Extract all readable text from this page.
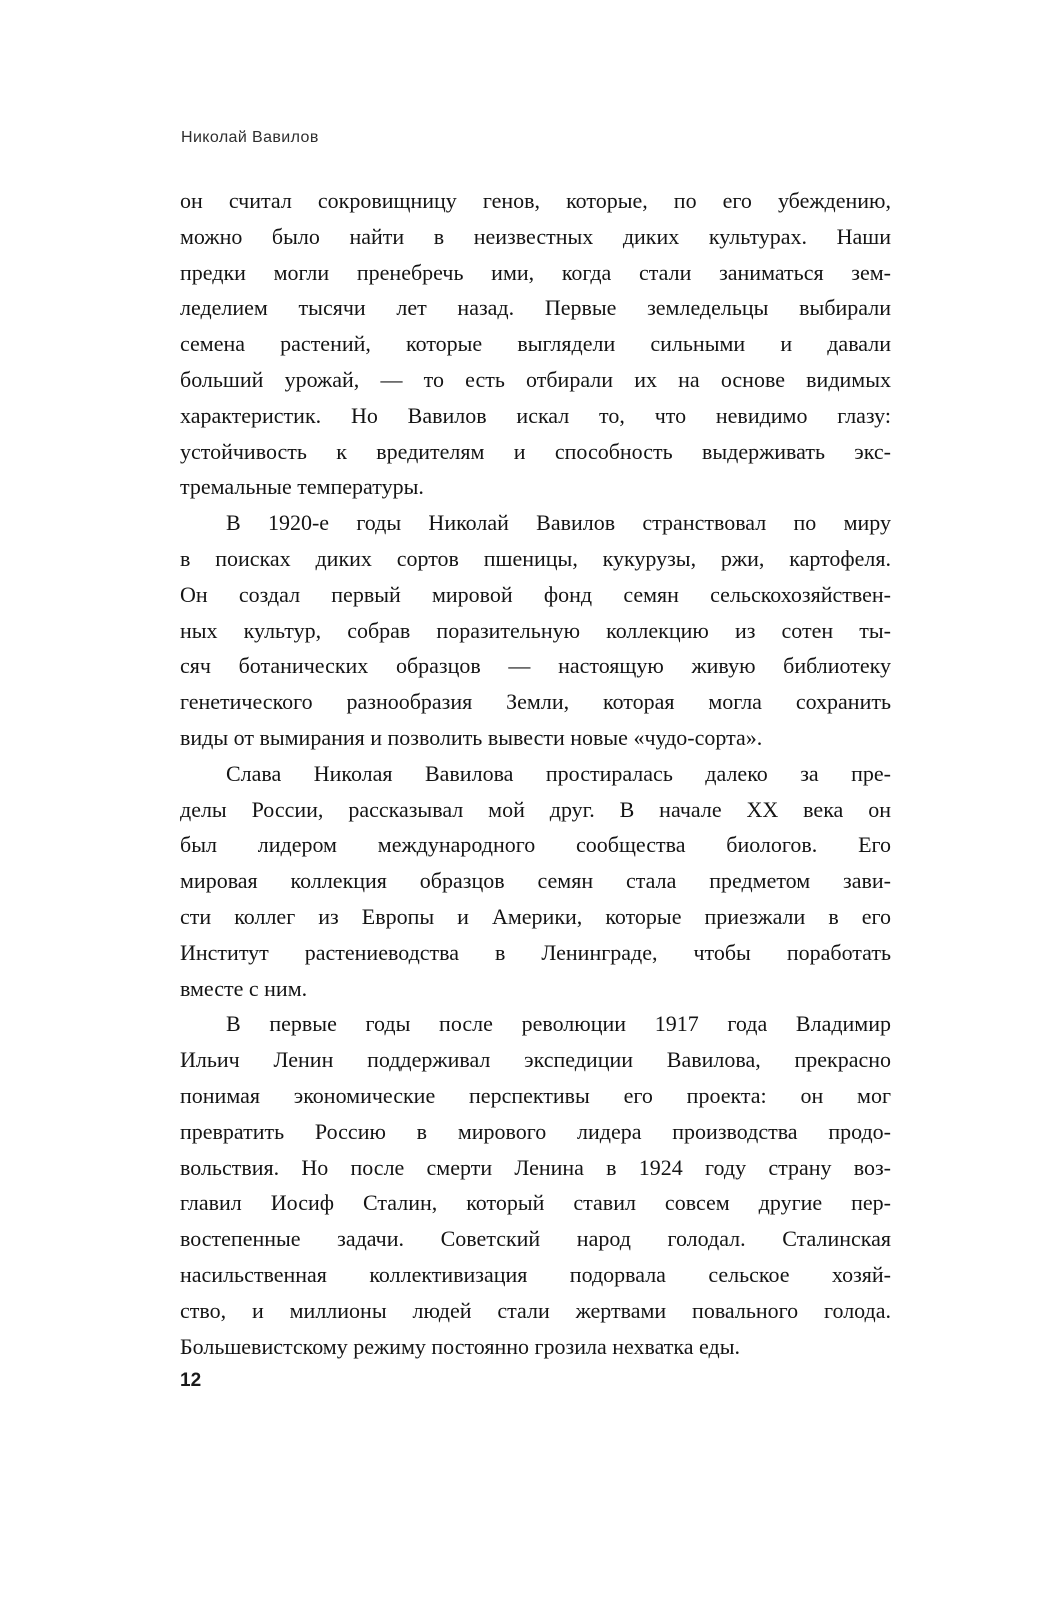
Николай Вавилов
он считал сокровищницу генов, которые, по его убеждению,
можно было найти в неизвестных диких культурах. Наши
предки могли пренебречь ими, когда стали заниматься зем-
леделием тысячи лет назад. Первые земледельцы выбирали
семена растений, которые выглядели сильными и давали
больший урожай, — то есть отбирали их на основе видимых
характеристик. Но Вавилов искал то, что невидимо глазу:
устойчивость к вредителям и способность выдерживать экс-
тремальные температуры.
В 1920-е годы Николай Вавилов странствовал по миру
в поисках диких сортов пшеницы, кукурузы, ржи, картофеля.
Он создал первый мировой фонд семян сельскохозяйствен-
ных культур, собрав поразительную коллекцию из сотен ты-
сяч ботанических образцов — настоящую живую библиотеку
генетического разнообразия Земли, которая могла сохранить
виды от вымирания и позволить вывести новые «чудо-сорта».
Слава Николая Вавилова простиралась далеко за пре-
делы России, рассказывал мой друг. В начале XX века он
был лидером международного сообщества биологов. Его
мировая коллекция образцов семян стала предметом зави-
сти коллег из Европы и Америки, которые приезжали в его
Институт растениеводства в Ленинграде, чтобы поработать
вместе с ним.
В первые годы после революции 1917 года Владимир
Ильич Ленин поддерживал экспедиции Вавилова, прекрасно
понимая экономические перспективы его проекта: он мог
превратить Россию в мирового лидера производства продо-
вольствия. Но после смерти Ленина в 1924 году страну воз-
главил Иосиф Сталин, который ставил совсем другие пер-
востепенные задачи. Советский народ голодал. Сталинская
насильственная коллективизация подорвала сельское хозяй-
ство, и миллионы людей стали жертвами повального голода.
Большевистскому режиму постоянно грозила нехватка еды.
12
